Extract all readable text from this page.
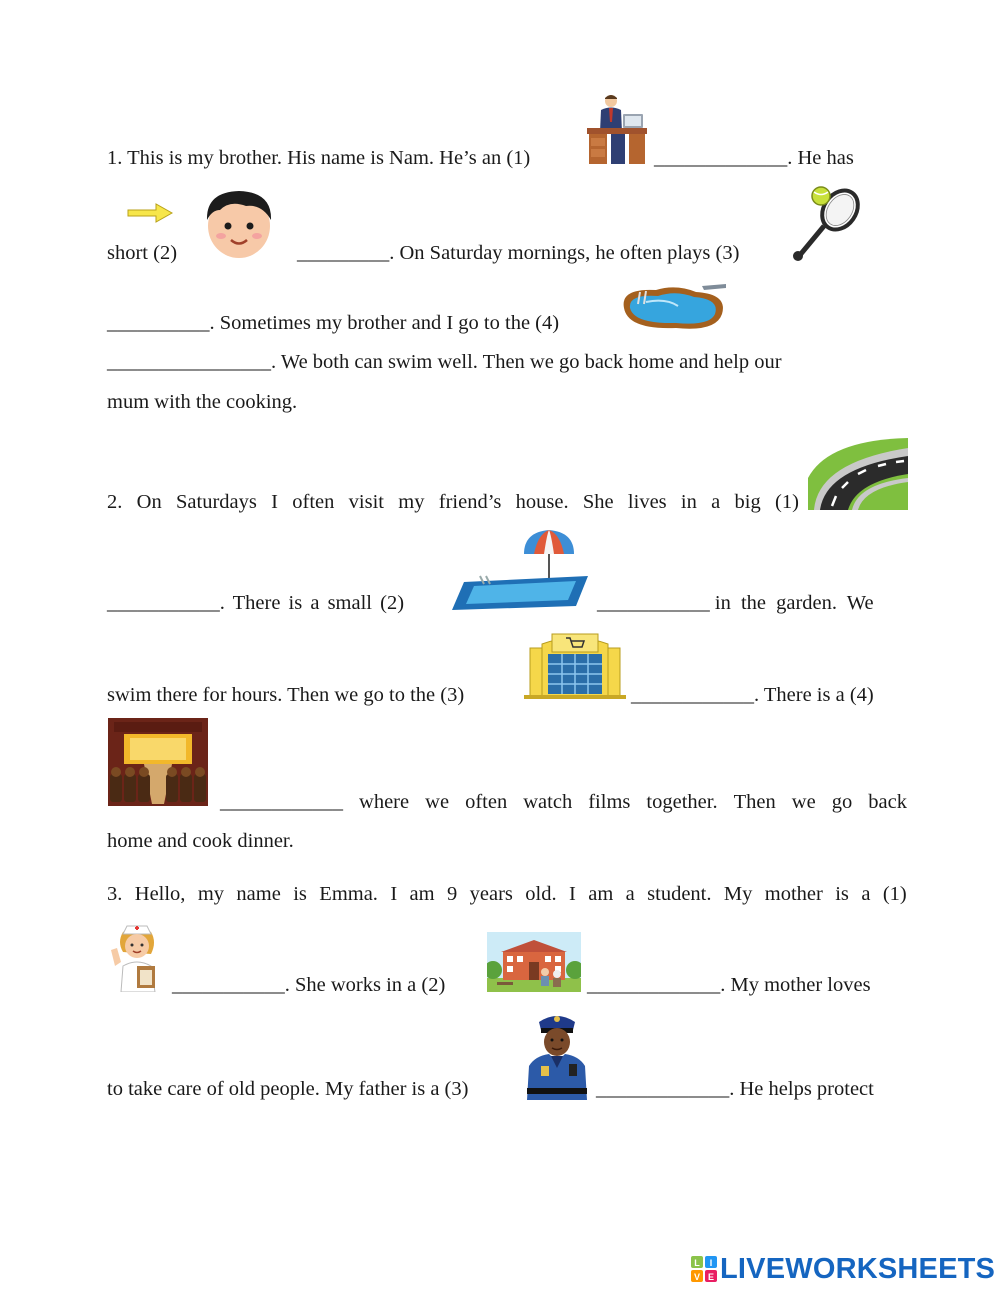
1. This is my brother. His name is Nam. He’s an (1)	_____________. He has
short (2)	_________. On Saturday mornings, he often plays (3)
__________. Sometimes my brother and I go to the (4)
________________. We both can swim well. Then we go back home and help our
mum with the cooking.
2. On Saturdays I often visit my friend’s house. She lives in a big (1)
___________. There is a small (2)	___________ in the garden. We
swim there for hours. Then we go to the (3)	____________. There is a (4)
____________ where we often watch films together. Then we go back
home and cook dinner.
3. Hello, my name is Emma. I am 9 years old. I am a student. My mother is a (1)
___________. She works in a (2)	_____________. My mother loves
to take care of old people. My father is a (3)	_____________. He helps protect
L I
V E LIVEWORKSHEETS
